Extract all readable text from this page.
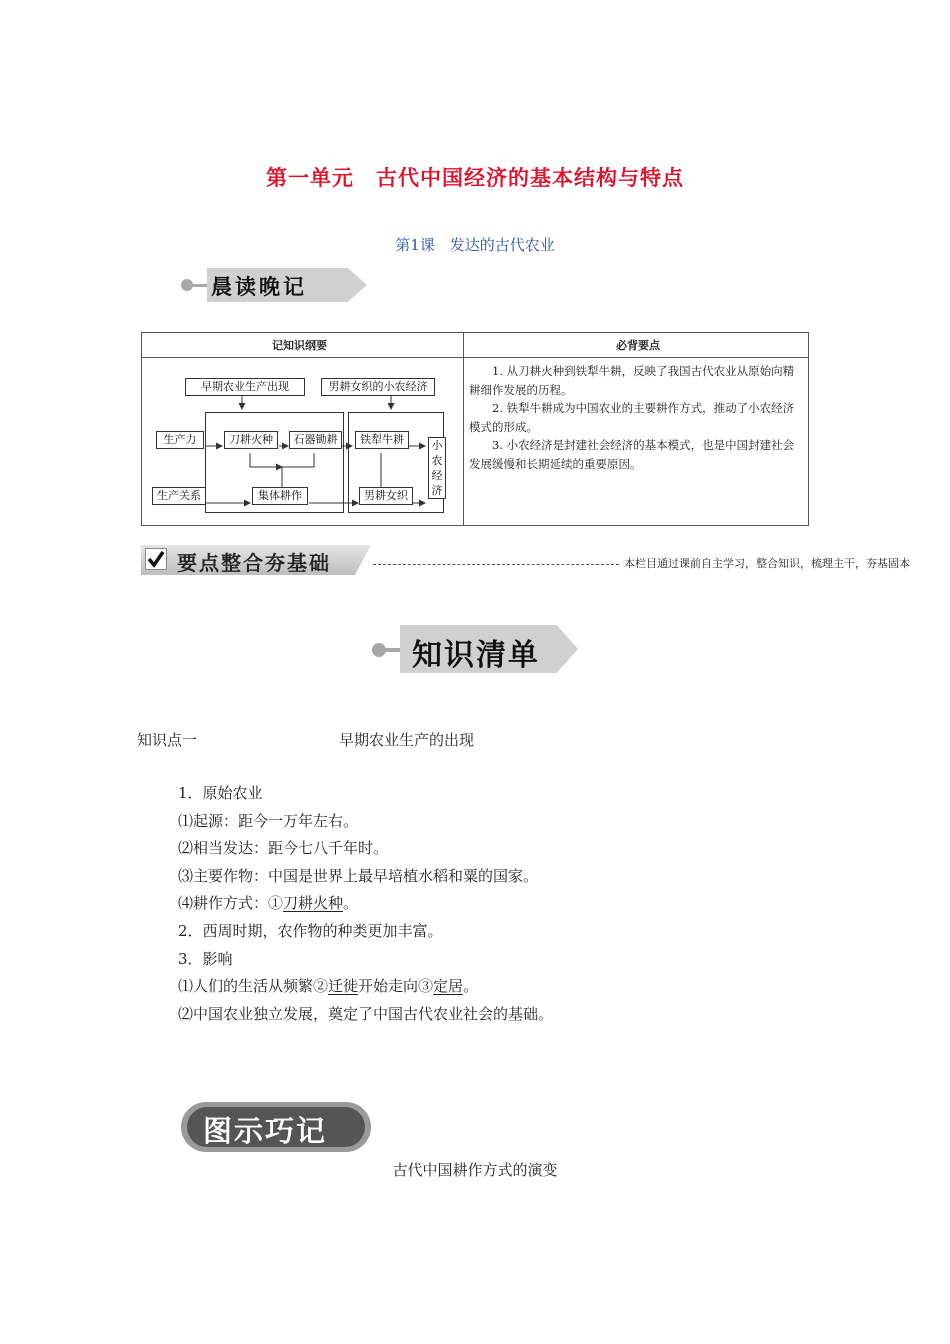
第一单元　古代中国经济的基本结构与特点
第1课　发达的古代农业
晨读晚记
记知识纲要	必背要点
早期农业生产出现	男耕女织的小农经济
生产力	刀耕火种	石器锄耕	铁犁牛耕	小农经济
生产关系	集体耕作	男耕女织

1. 从刀耕火种到铁犁牛耕，反映了我国古代农业从原始向精耕细作发展的历程。

2. 铁犁牛耕成为中国农业的主要耕作方式，推动了小农经济模式的形成。

3. 小农经济是封建社会经济的基本模式，也是中国封建社会发展缓慢和长期延续的重要原因。

要点整合夯基础	本栏目通过课前自主学习，整合知识，梳理主干，夯基固本
知识清单
知识点一	早期农业生产的出现
1．原始农业
⑴起源：距今一万年左右。
⑵相当发达：距今七八千年时。
⑶主要作物：中国是世界上最早培植水稻和粟的国家。
⑷耕作方式：①刀耕火种。
2．西周时期，农作物的种类更加丰富。
3．影响
⑴人们的生活从频繁②迁徙开始走向③定居。
⑵中国农业独立发展，奠定了中国古代农业社会的基础。
图示巧记
古代中国耕作方式的演变
